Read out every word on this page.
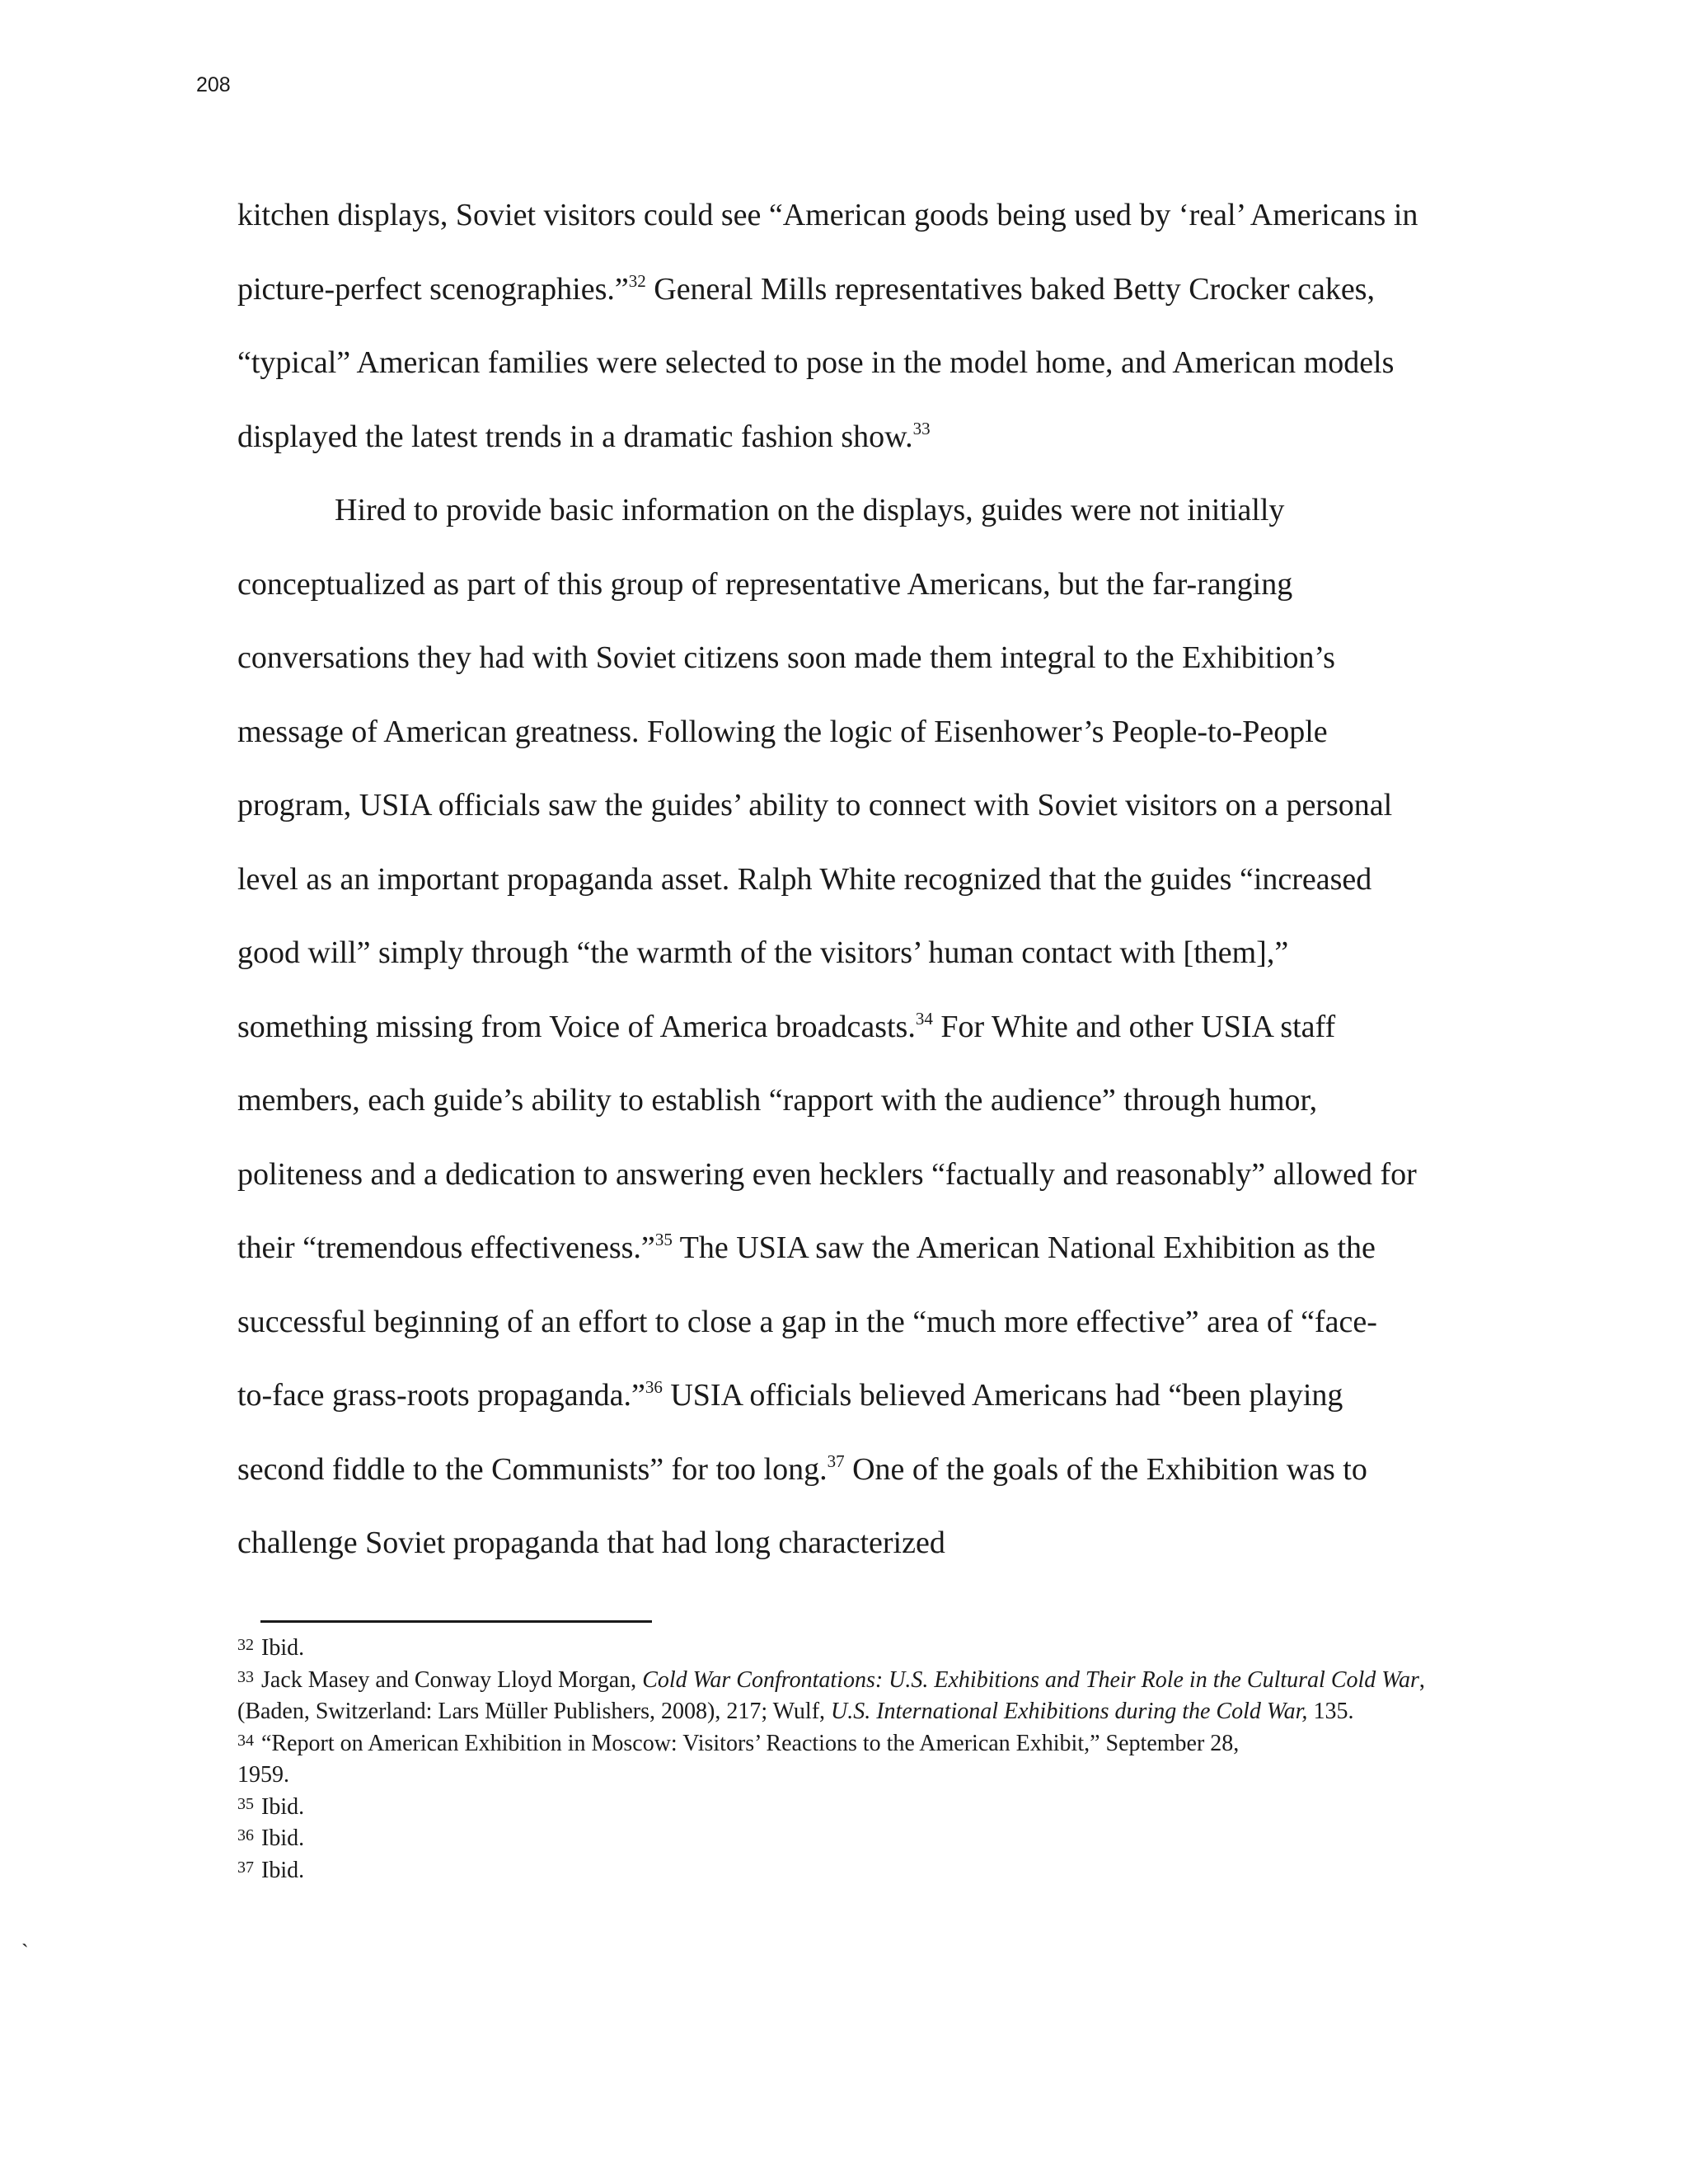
208
kitchen displays, Soviet visitors could see “American goods being used by ‘real’ Americans in
picture-perfect scenographies.”$^{32}$ General Mills representatives baked Betty Crocker cakes,
“typical” American families were selected to pose in the model home, and American models
displayed the latest trends in a dramatic fashion show.$^{33}$
Hired to provide basic information on the displays, guides were not initially
conceptualized as part of this group of representative Americans, but the far-ranging
conversations they had with Soviet citizens soon made them integral to the Exhibition’s
message of American greatness. Following the logic of Eisenhower’s People-to-People
program, USIA officials saw the guides’ ability to connect with Soviet visitors on a personal
level as an important propaganda asset. Ralph White recognized that the guides “increased
good will” simply through “the warmth of the visitors’ human contact with [them],”
something missing from Voice of America broadcasts.$^{34}$ For White and other USIA staff
members, each guide’s ability to establish “rapport with the audience” through humor,
politeness and a dedication to answering even hecklers “factually and reasonably” allowed for
their “tremendous effectiveness.”$^{35}$ The USIA saw the American National Exhibition as the
successful beginning of an effort to close a gap in the “much more effective” area of “face-
to-face grass-roots propaganda.”$^{36}$ USIA officials believed Americans had “been playing
second fiddle to the Communists” for too long.$^{37}$ One of the goals of the Exhibition was to
challenge Soviet propaganda that had long characterized
$^{32}$ Ibid.
$^{33}$ Jack Masey and Conway Lloyd Morgan, Cold War Confrontations: U.S. Exhibitions and Their Role in the Cultural Cold War,
(Baden, Switzerland: Lars Müller Publishers, 2008), 217; Wulf, U.S. International Exhibitions during the Cold War, 135.
$^{34}$ “Report on American Exhibition in Moscow: Visitors’ Reactions to the American Exhibit,” September 28,
1959.
$^{35}$ Ibid.
$^{36}$ Ibid.
$^{37}$ Ibid.
`
